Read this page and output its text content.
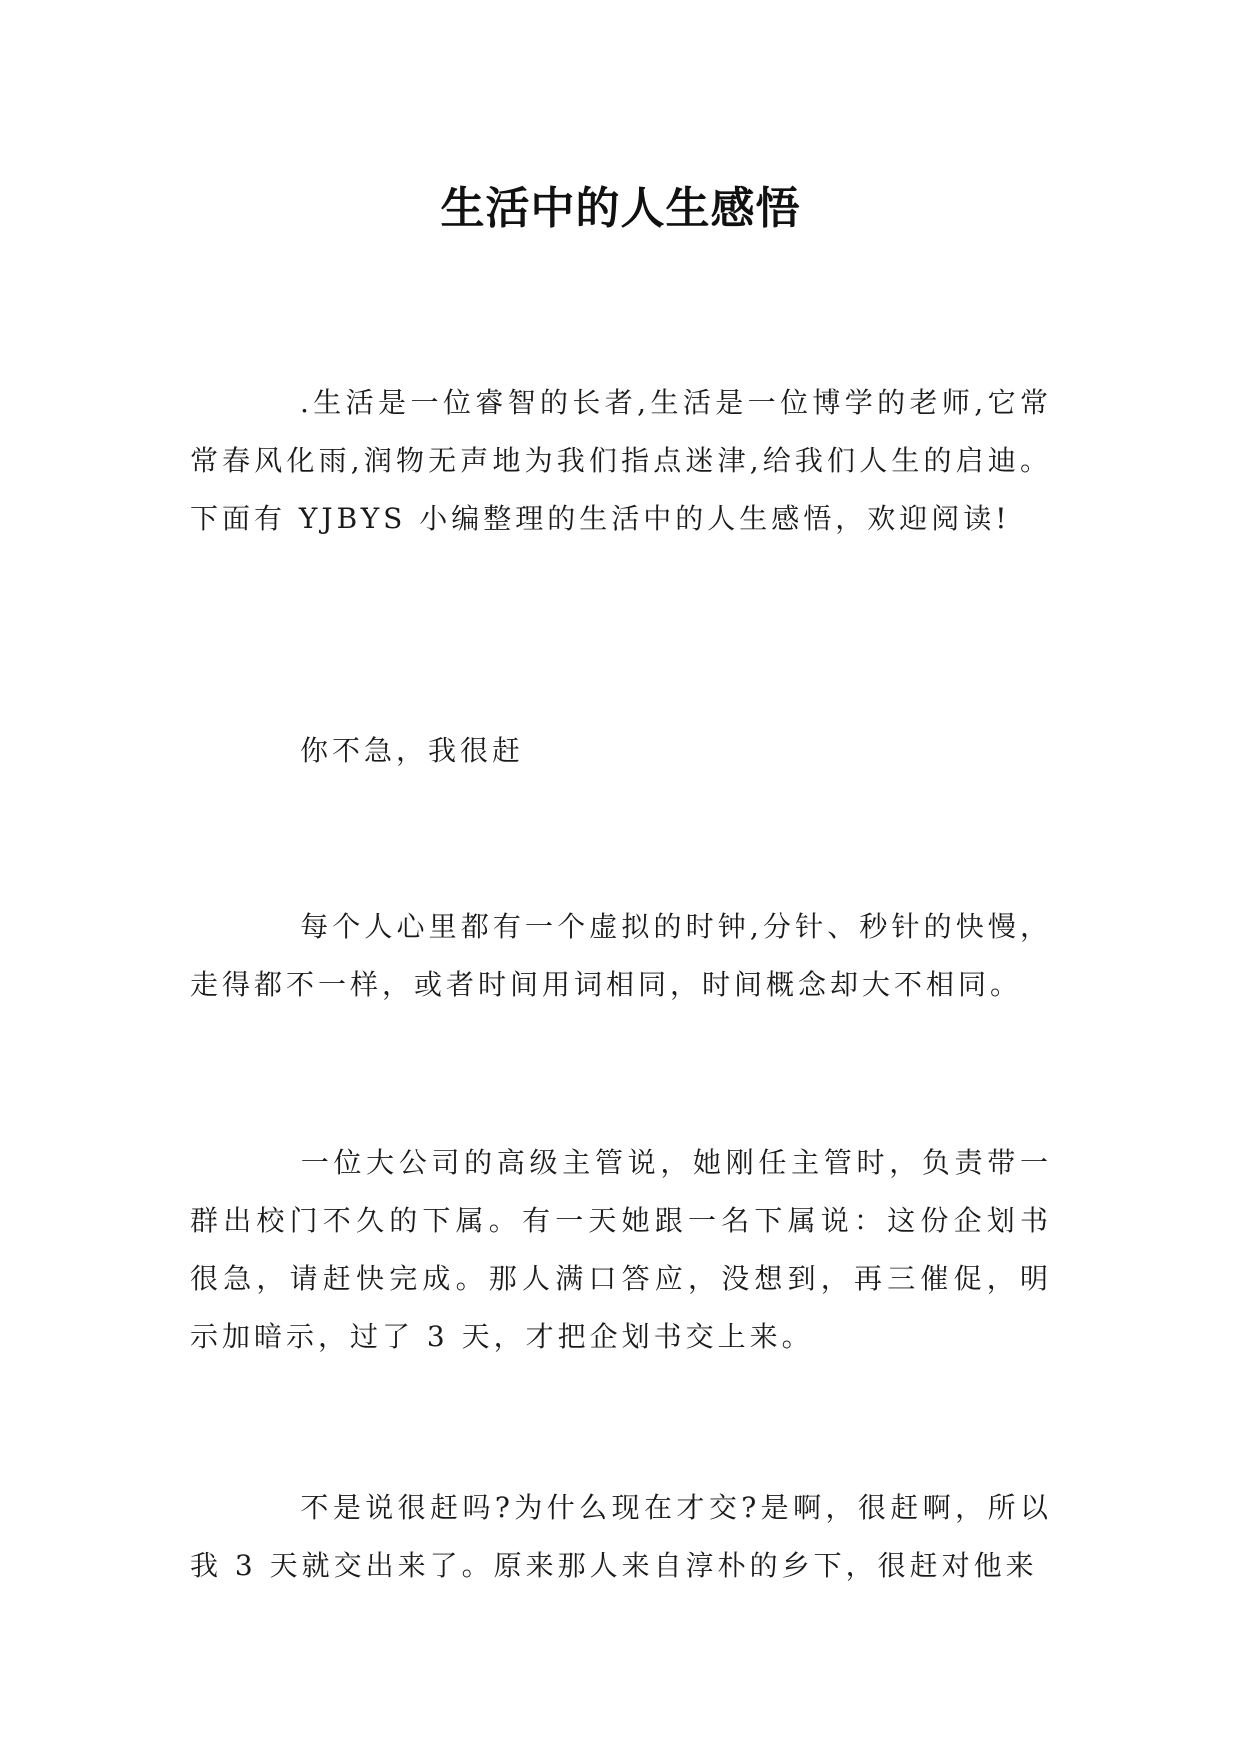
生活中的人生感悟

.生活是一位睿智的长者,生活是一位博学的老师,它常常春风化雨,润物无声地为我们指点迷津,给我们人生的启迪。下面有 YJBYS 小编整理的生活中的人生感悟，欢迎阅读!

你不急，我很赶

每个人心里都有一个虚拟的时钟,分针、秒针的快慢，走得都不一样，或者时间用词相同，时间概念却大不相同。

一位大公司的高级主管说，她刚任主管时，负责带一群出校门不久的下属。有一天她跟一名下属说：这份企划书很急，请赶快完成。那人满口答应，没想到，再三催促，明示加暗示，过了 3 天，才把企划书交上来。

不是说很赶吗?为什么现在才交?是啊，很赶啊，所以我 3 天就交出来了。原来那人来自淳朴的乡下，很赶对他来
